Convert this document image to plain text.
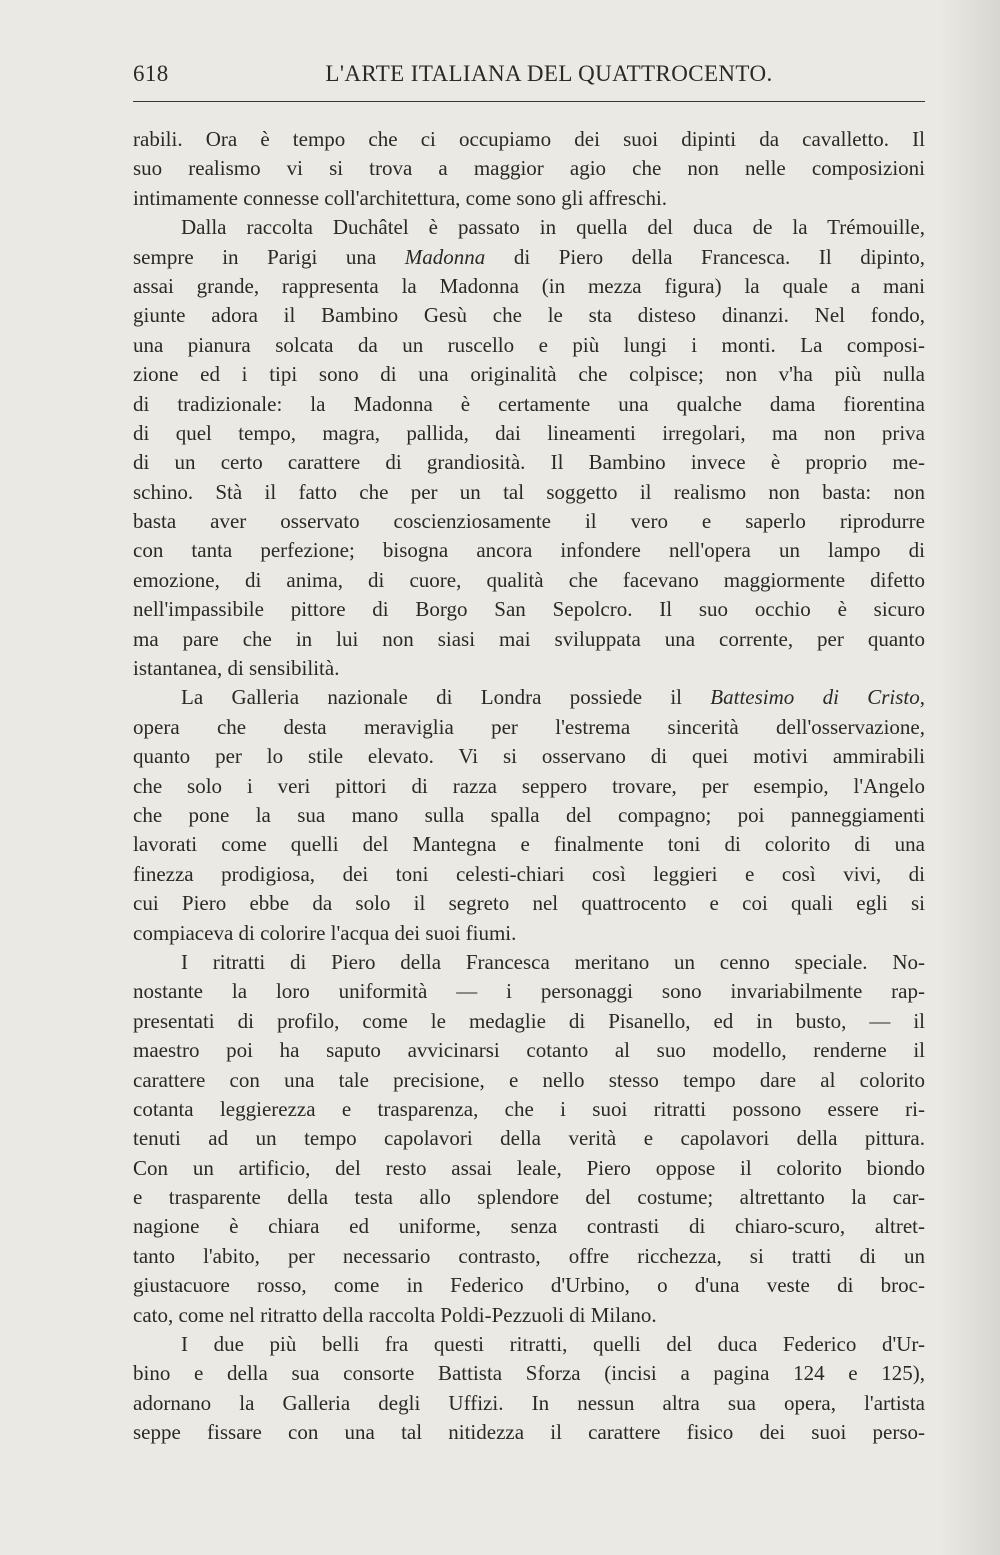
618	L'ARTE ITALIANA DEL QUATTROCENTO.
rabili. Ora è tempo che ci occupiamo dei suoi dipinti da cavalletto. Il
suo realismo vi si trova a maggior agio che non nelle composizioni
intimamente connesse coll'architettura, come sono gli affreschi.
Dalla raccolta Duchâtel è passato in quella del duca de la Trémouille,
sempre in Parigi una Madonna di Piero della Francesca. Il dipinto,
assai grande, rappresenta la Madonna (in mezza figura) la quale a mani
giunte adora il Bambino Gesù che le sta disteso dinanzi. Nel fondo,
una pianura solcata da un ruscello e più lungi i monti. La composi-
zione ed i tipi sono di una originalità che colpisce; non v'ha più nulla
di tradizionale: la Madonna è certamente una qualche dama fiorentina
di quel tempo, magra, pallida, dai lineamenti irregolari, ma non priva
di un certo carattere di grandiosità. Il Bambino invece è proprio me-
schino. Stà il fatto che per un tal soggetto il realismo non basta: non
basta aver osservato coscienziosamente il vero e saperlo riprodurre
con tanta perfezione; bisogna ancora infondere nell'opera un lampo di
emozione, di anima, di cuore, qualità che facevano maggiormente difetto
nell'impassibile pittore di Borgo San Sepolcro. Il suo occhio è sicuro
ma pare che in lui non siasi mai sviluppata una corrente, per quanto
istantanea, di sensibilità.
La Galleria nazionale di Londra possiede il Battesimo di Cristo,
opera che desta meraviglia per l'estrema sincerità dell'osservazione,
quanto per lo stile elevato. Vi si osservano di quei motivi ammirabili
che solo i veri pittori di razza seppero trovare, per esempio, l'Angelo
che pone la sua mano sulla spalla del compagno; poi panneggiamenti
lavorati come quelli del Mantegna e finalmente toni di colorito di una
finezza prodigiosa, dei toni celesti-chiari così leggieri e così vivi, di
cui Piero ebbe da solo il segreto nel quattrocento e coi quali egli si
compiaceva di colorire l'acqua dei suoi fiumi.
I ritratti di Piero della Francesca meritano un cenno speciale. No-
nostante la loro uniformità — i personaggi sono invariabilmente rap-
presentati di profilo, come le medaglie di Pisanello, ed in busto, — il
maestro poi ha saputo avvicinarsi cotanto al suo modello, renderne il
carattere con una tale precisione, e nello stesso tempo dare al colorito
cotanta leggierezza e trasparenza, che i suoi ritratti possono essere ri-
tenuti ad un tempo capolavori della verità e capolavori della pittura.
Con un artificio, del resto assai leale, Piero oppose il colorito biondo
e trasparente della testa allo splendore del costume; altrettanto la car-
nagione è chiara ed uniforme, senza contrasti di chiaro-scuro, altret-
tanto l'abito, per necessario contrasto, offre ricchezza, si tratti di un
giustacuore rosso, come in Federico d'Urbino, o d'una veste di broc-
cato, come nel ritratto della raccolta Poldi-Pezzuoli di Milano.
I due più belli fra questi ritratti, quelli del duca Federico d'Ur-
bino e della sua consorte Battista Sforza (incisi a pagina 124 e 125),
adornano la Galleria degli Uffizi. In nessun altra sua opera, l'artista
seppe fissare con una tal nitidezza il carattere fisico dei suoi perso-
